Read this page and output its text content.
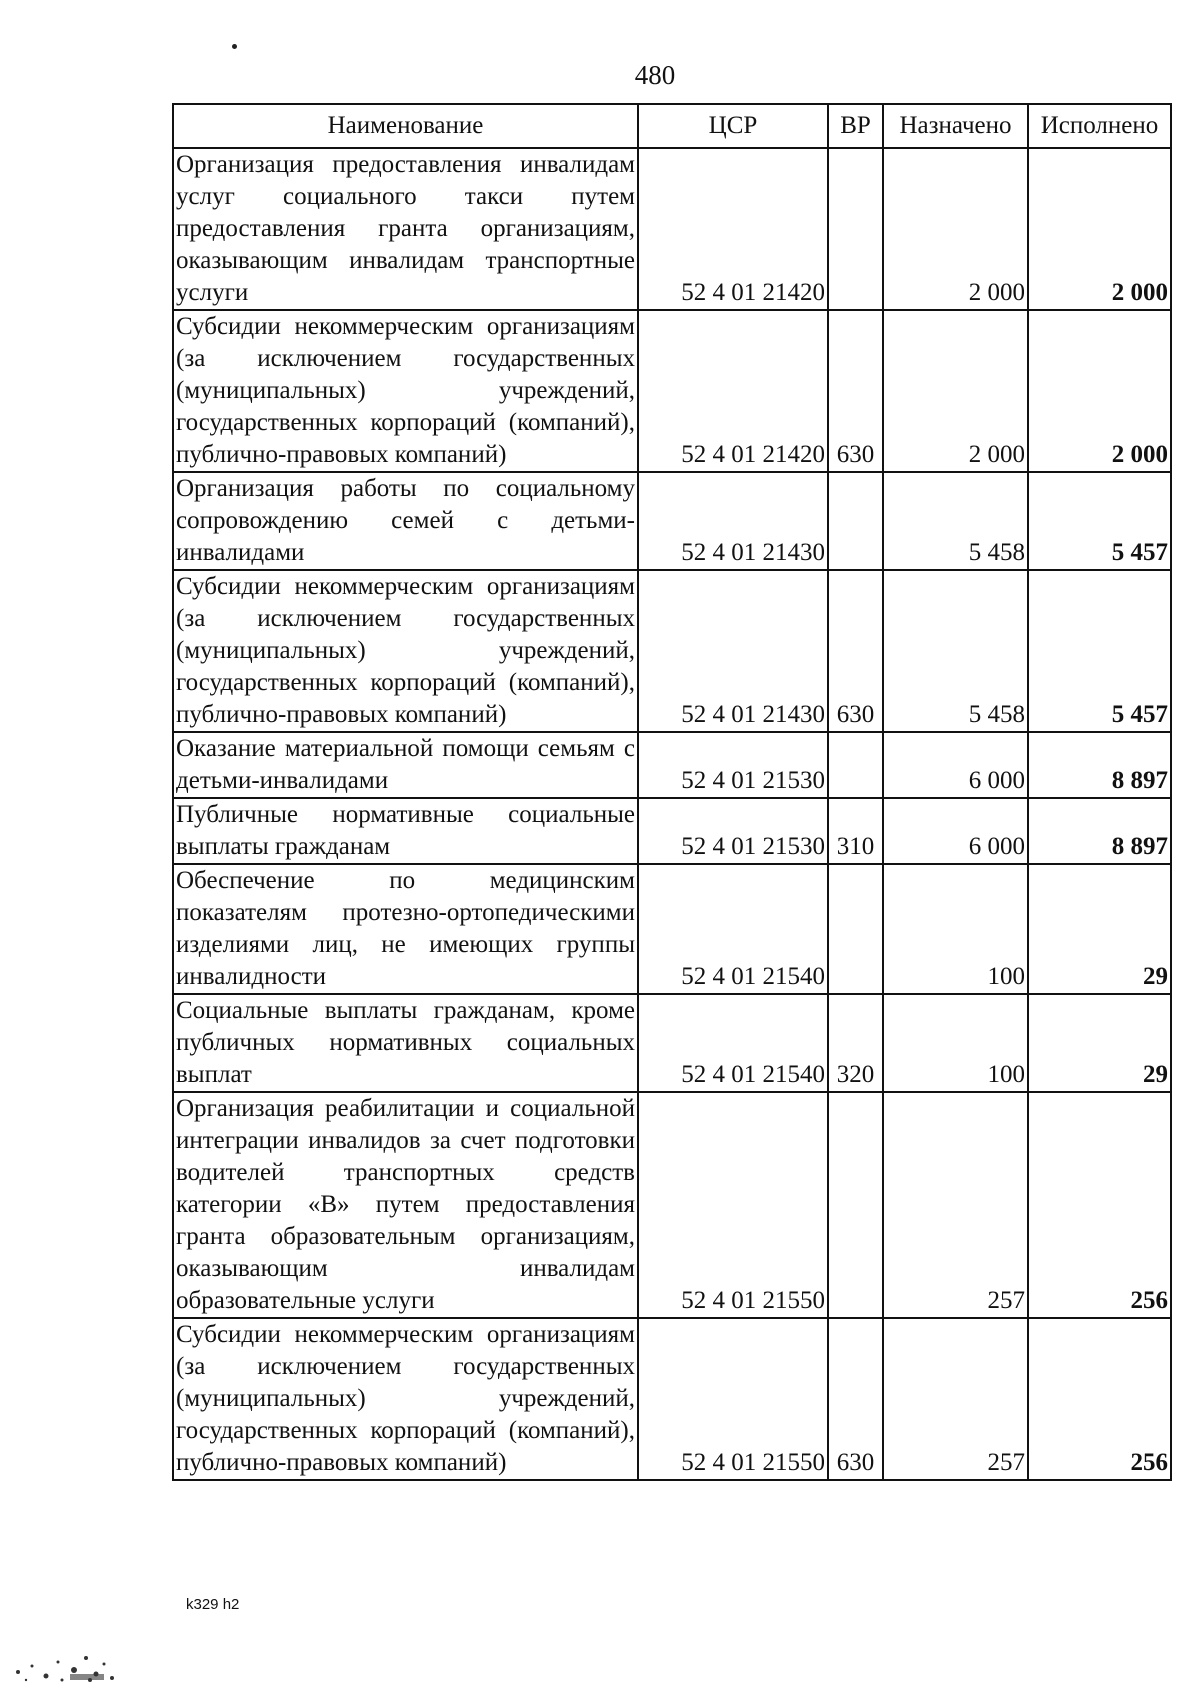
480
Наименование	ЦСР	ВР	Назначено	Исполнено
Организация предоставления инвалидам услуг социального такси путем предоставления гранта организациям, оказывающим инвалидам транспортные услуги	52 4 01 21420		2 000	2 000
Субсидии некоммерческим организациям (за исключением государственных (муниципальных) учреждений, государственных корпораций (компаний), публично-правовых компаний)	52 4 01 21420	630	2 000	2 000
Организация работы по социальному сопровождению семей с детьми-инвалидами	52 4 01 21430		5 458	5 457
Субсидии некоммерческим организациям (за исключением государственных (муниципальных) учреждений, государственных корпораций (компаний), публично-правовых компаний)	52 4 01 21430	630	5 458	5 457
Оказание материальной помощи семьям с детьми-инвалидами	52 4 01 21530		6 000	8 897
Публичные нормативные социальные выплаты гражданам	52 4 01 21530	310	6 000	8 897
Обеспечение по медицинским показателям протезно-ортопедическими изделиями лиц, не имеющих группы инвалидности	52 4 01 21540		100	29
Социальные выплаты гражданам, кроме публичных нормативных социальных выплат	52 4 01 21540	320	100	29
Организация реабилитации и социальной интеграции инвалидов за счет подготовки водителей транспортных средств категории «В» путем предоставления гранта образовательным организациям, оказывающим инвалидам образовательные услуги	52 4 01 21550		257	256
Субсидии некоммерческим организациям (за исключением государственных (муниципальных) учреждений, государственных корпораций (компаний), публично-правовых компаний)	52 4 01 21550	630	257	256
k329 h2
